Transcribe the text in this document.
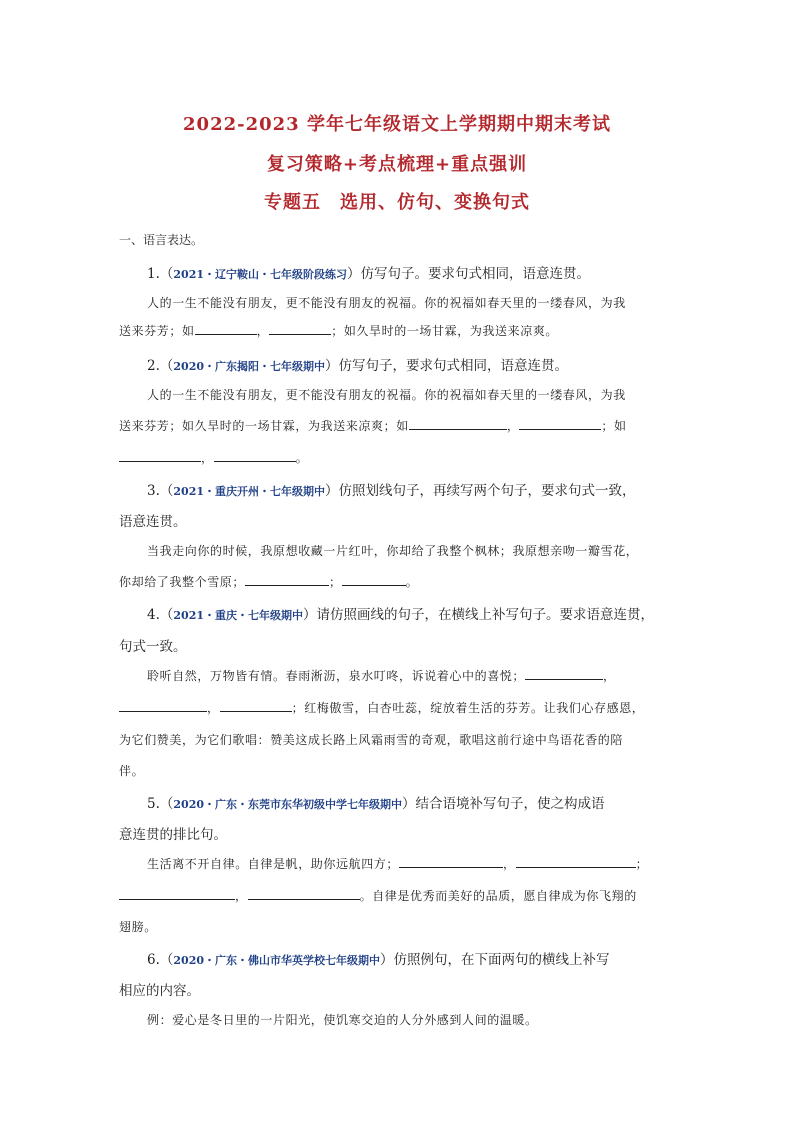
2022-2023 学年七年级语文上学期期中期末考试
复习策略+考点梳理+重点强训
专题五　选用、仿句、变换句式
一、语言表达。
1.（2021・辽宁鞍山・七年级阶段练习）仿写句子。要求句式相同，语意连贯。
人的一生不能没有朋友，更不能没有朋友的祝福。你的祝福如春天里的一缕春风，为我
送来芬芳；如	，	；如久旱时的一场甘霖，为我送来凉爽。
2.（2020・广东揭阳・七年级期中）仿写句子，要求句式相同，语意连贯。
人的一生不能没有朋友，更不能没有朋友的祝福。你的祝福如春天里的一缕春风，为我
送来芬芳；如久旱时的一场甘霖，为我送来凉爽；如	，	；如
，	。
3.（2021・重庆开州・七年级期中）仿照划线句子，再续写两个句子，要求句式一致，
语意连贯。
当我走向你的时候，我原想收藏一片红叶，你却给了我整个枫林；我原想亲吻一瓣雪花，
你却给了我整个雪原；	；	。
4.（2021・重庆・七年级期中）请仿照画线的句子，在横线上补写句子。要求语意连贯，
句式一致。
聆听自然，万物皆有情。春雨淅沥，泉水叮咚，诉说着心中的喜悦；	，
，	；红梅傲雪，白杏吐蕊，绽放着生活的芬芳。让我们心存感恩，
为它们赞美，为它们歌唱：赞美这成长路上风霜雨雪的奇观，歌唱这前行途中鸟语花香的陪
伴。
5.（2020・广东・东莞市东华初级中学七年级期中）结合语境补写句子，使之构成语
意连贯的排比句。
生活离不开自律。自律是帆，助你远航四方；	，	；
，	。自律是优秀而美好的品质，愿自律成为你飞翔的
翅膀。
6.（2020・广东・佛山市华英学校七年级期中）仿照例句，在下面两句的横线上补写
相应的内容。
例：爱心是冬日里的一片阳光，使饥寒交迫的人分外感到人间的温暖。
